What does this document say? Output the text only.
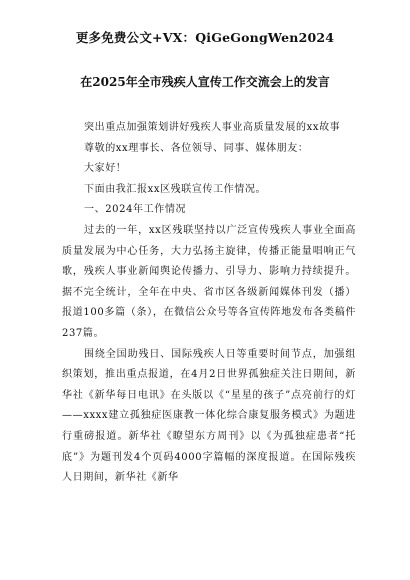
更多免费公文+VX：QiGeGongWen2024
在2025年全市残疾人宣传工作交流会上的发言

突出重点加强策划讲好残疾人事业高质量发展的xx故事

尊敬的xx理事长、各位领导、同事、媒体朋友：

大家好！

下面由我汇报xx区残联宣传工作情况。

一、2024年工作情况

过去的一年，xx区残联坚持以广泛宣传残疾人事业全面高质量发展为中心任务，大力弘扬主旋律，传播正能量唱响正气歌，残疾人事业新闻舆论传播力、引导力、影响力持续提升。据不完全统计，全年在中央、省市区各级新闻媒体刊发（播）报道100多篇（条），在微信公众号等各宣传阵地发布各类稿件237篇。

围绕全国助残日、国际残疾人日等重要时间节点，加强组织策划，推出重点报道，在4月2日世界孤独症关注日期间，新华社《新华每日电讯》在头版以《“星星的孩子”点亮前行的灯——xxxx建立孤独症医康教一体化综合康复服务模式》为题进行重磅报道。新华社《瞭望东方周刊》以《为孤独症患者“托底”》为题刊发4个页码4000字篇幅的深度报道。在国际残疾人日期间，新华社《新华
